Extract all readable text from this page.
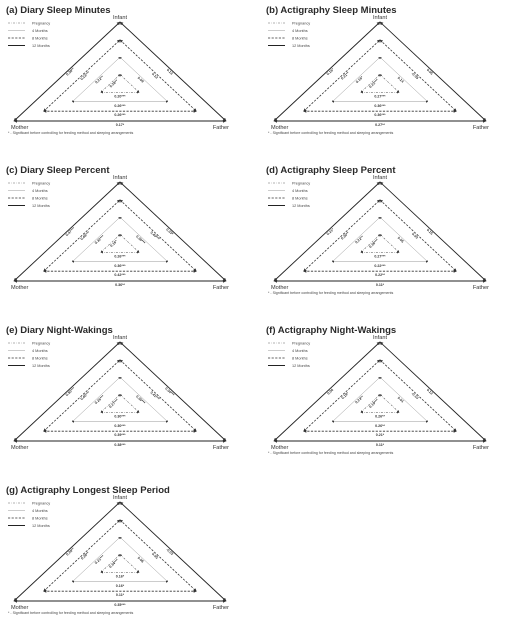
(a) Diary Sleep Minutes
Pregnancy
4 Months
8 Months
12 Months
0.38**	0.13
0.17*
0.23***	0.12
0.26***
0.22**	0.09
0.26***
0.28**
0.20***
Infant
Mother	Father
* - Significant before controlling for feeding method and sleeping arrangements
(b) Actigraphy Sleep Minutes
Pregnancy
4 Months
8 Months
12 Months
0.16*	0.05
0.27**
0.21**	-0.05
0.36***
0.16*	0.14
0.36***
0.22***
0.27***
Infant
Mother	Father
* - Significant before controlling for feeding method and sleeping arrangements
(c) Diary Sleep Percent
Pregnancy
4 Months
8 Months
12 Months
0.47***	0.33*
0.36**
0.48***	0.40***
0.42***
0.32***	0.39***
0.36***
0.16*
0.26***
Infant
Mother	Father
(d) Actigraphy Sleep Percent
Pregnancy
4 Months
8 Months
12 Months
0.21*	0.15
0.11*
0.30**	0.00
0.22**
0.22**	0.05
0.22***
0.36***
0.27***
Infant
Mother	Father
* - Significant before controlling for feeding method and sleeping arrangements
(e) Diary Night-Wakings
Pregnancy
4 Months
8 Months
12 Months
0.50***	0.34***
0.38***
0.40***	0.41***
0.39***
0.26***	0.35***
0.30***
0.27***
0.30***
Infant
Mother	Father
(f) Actigraphy Night-Wakings
Pregnancy
4 Months
8 Months
12 Months
0.06	0.12
0.11*
0.19*	-0.10
0.21*
0.23**	0.01
0.26**
0.19***
0.26**
Infant
Mother	Father
* - Significant before controlling for feeding method and sleeping arrangements
(g) Actigraphy Longest Sleep Period
Pregnancy
4 Months
8 Months
12 Months
0.28**	-0.03
0.35***
0.28**	0.05
0.11*
0.21***	0.06
0.16*
0.34***
0.16*
Infant
Mother	Father
* - Significant before controlling for feeding method and sleeping arrangements
